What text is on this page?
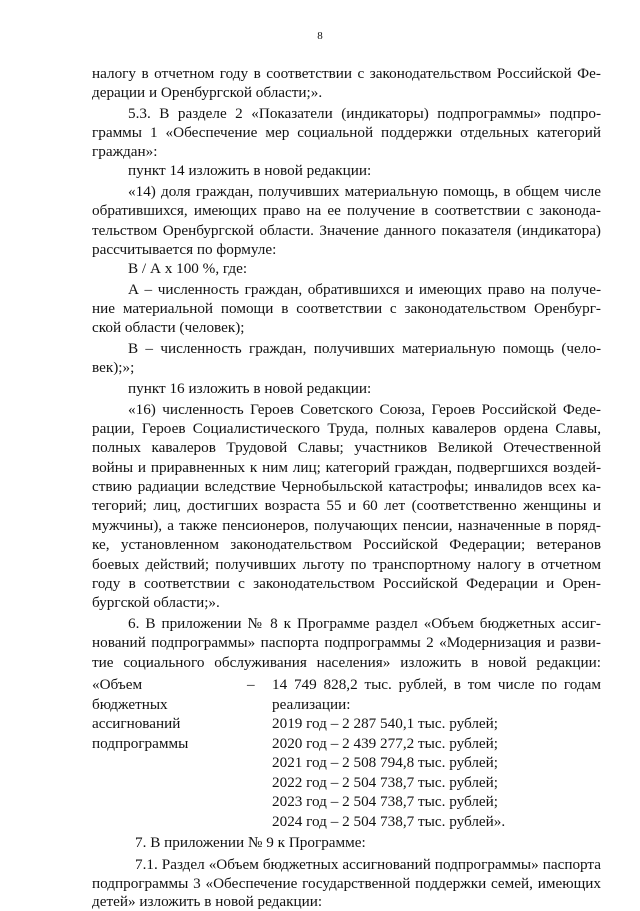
8
налогу в отчетном году в соответствии с законодательством Российской Фе-
дерации и Оренбургской области;».
5.3. В разделе 2 «Показатели (индикаторы) подпрограммы» подпро-
граммы 1 «Обеспечение мер социальной поддержки отдельных категорий
граждан»:
пункт 14 изложить в новой редакции:
«14) доля граждан, получивших материальную помощь, в общем числе
обратившихся, имеющих право на ее получение в соответствии с законода-
тельством Оренбургской области. Значение данного показателя (индикатора)
рассчитывается по формуле:
В / А х 100 %, где:
А – численность граждан, обратившихся и имеющих право на получе-
ние материальной помощи в соответствии с законодательством Оренбург-
ской области (человек);
В – численность граждан, получивших материальную помощь (чело-
век);»;
пункт 16 изложить в новой редакции:
«16) численность Героев Советского Союза, Героев Российской Феде-
рации, Героев Социалистического Труда, полных кавалеров ордена Славы,
полных кавалеров Трудовой Славы; участников Великой Отечественной
войны и приравненных к ним лиц; категорий граждан, подвергшихся воздей-
ствию радиации вследствие Чернобыльской катастрофы; инвалидов всех ка-
тегорий; лиц, достигших возраста 55 и 60 лет (соответственно женщины и
мужчины), а также пенсионеров, получающих пенсии, назначенные в поряд-
ке, установленном законодательством Российской Федерации; ветеранов
боевых действий; получивших льготу по транспортному налогу в отчетном
году в соответствии с законодательством Российской Федерации и Орен-
бургской области;».
6. В приложении № 8 к Программе раздел «Объем бюджетных ассиг-
нований подпрограммы» паспорта подпрограммы 2 «Модернизация и разви-
тие социального обслуживания населения» изложить в новой редакции:
«Объем
бюджетных
ассигнований
подпрограммы
– 14 749 828,2 тыс. рублей, в том числе по годам
реализации:
2019 год – 2 287 540,1 тыс. рублей;
2020 год – 2 439 277,2 тыс. рублей;
2021 год – 2 508 794,8 тыс. рублей;
2022 год – 2 504 738,7 тыс. рублей;
2023 год – 2 504 738,7 тыс. рублей;
2024 год – 2 504 738,7 тыс. рублей».
7. В приложении № 9 к Программе:
7.1. Раздел «Объем бюджетных ассигнований подпрограммы» паспорта
подпрограммы 3 «Обеспечение государственной поддержки семей, имеющих
детей» изложить в новой редакции:
